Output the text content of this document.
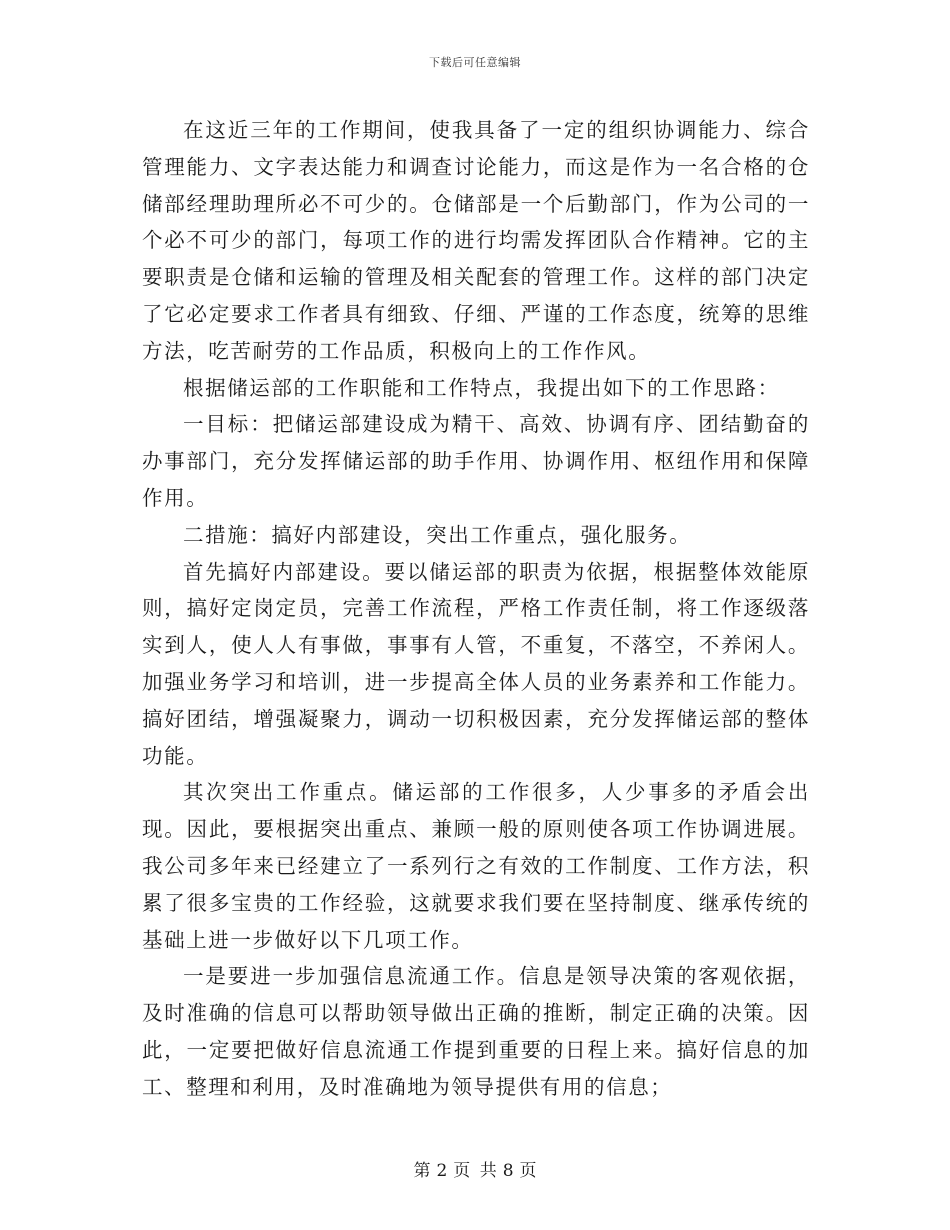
下载后可任意编辑

在这近三年的工作期间，使我具备了一定的组织协调能力、综合管理能力、文字表达能力和调查讨论能力，而这是作为一名合格的仓储部经理助理所必不可少的。仓储部是一个后勤部门，作为公司的一个必不可少的部门，每项工作的进行均需发挥团队合作精神。它的主要职责是仓储和运输的管理及相关配套的管理工作。这样的部门决定了它必定要求工作者具有细致、仔细、严谨的工作态度，统筹的思维方法，吃苦耐劳的工作品质，积极向上的工作作风。

根据储运部的工作职能和工作特点，我提出如下的工作思路：

一目标：把储运部建设成为精干、高效、协调有序、团结勤奋的办事部门，充分发挥储运部的助手作用、协调作用、枢纽作用和保障作用。

二措施：搞好内部建设，突出工作重点，强化服务。

首先搞好内部建设。要以储运部的职责为依据，根据整体效能原则，搞好定岗定员，完善工作流程，严格工作责任制，将工作逐级落实到人，使人人有事做，事事有人管，不重复，不落空，不养闲人。加强业务学习和培训，进一步提高全体人员的业务素养和工作能力。搞好团结，增强凝聚力，调动一切积极因素，充分发挥储运部的整体功能。

其次突出工作重点。储运部的工作很多，人少事多的矛盾会出现。因此，要根据突出重点、兼顾一般的原则使各项工作协调进展。我公司多年来已经建立了一系列行之有效的工作制度、工作方法，积累了很多宝贵的工作经验，这就要求我们要在坚持制度、继承传统的基础上进一步做好以下几项工作。

一是要进一步加强信息流通工作。信息是领导决策的客观依据，及时准确的信息可以帮助领导做出正确的推断，制定正确的决策。因此，一定要把做好信息流通工作提到重要的日程上来。搞好信息的加工、整理和利用，及时准确地为领导提供有用的信息；

第 2 页 共 8 页
